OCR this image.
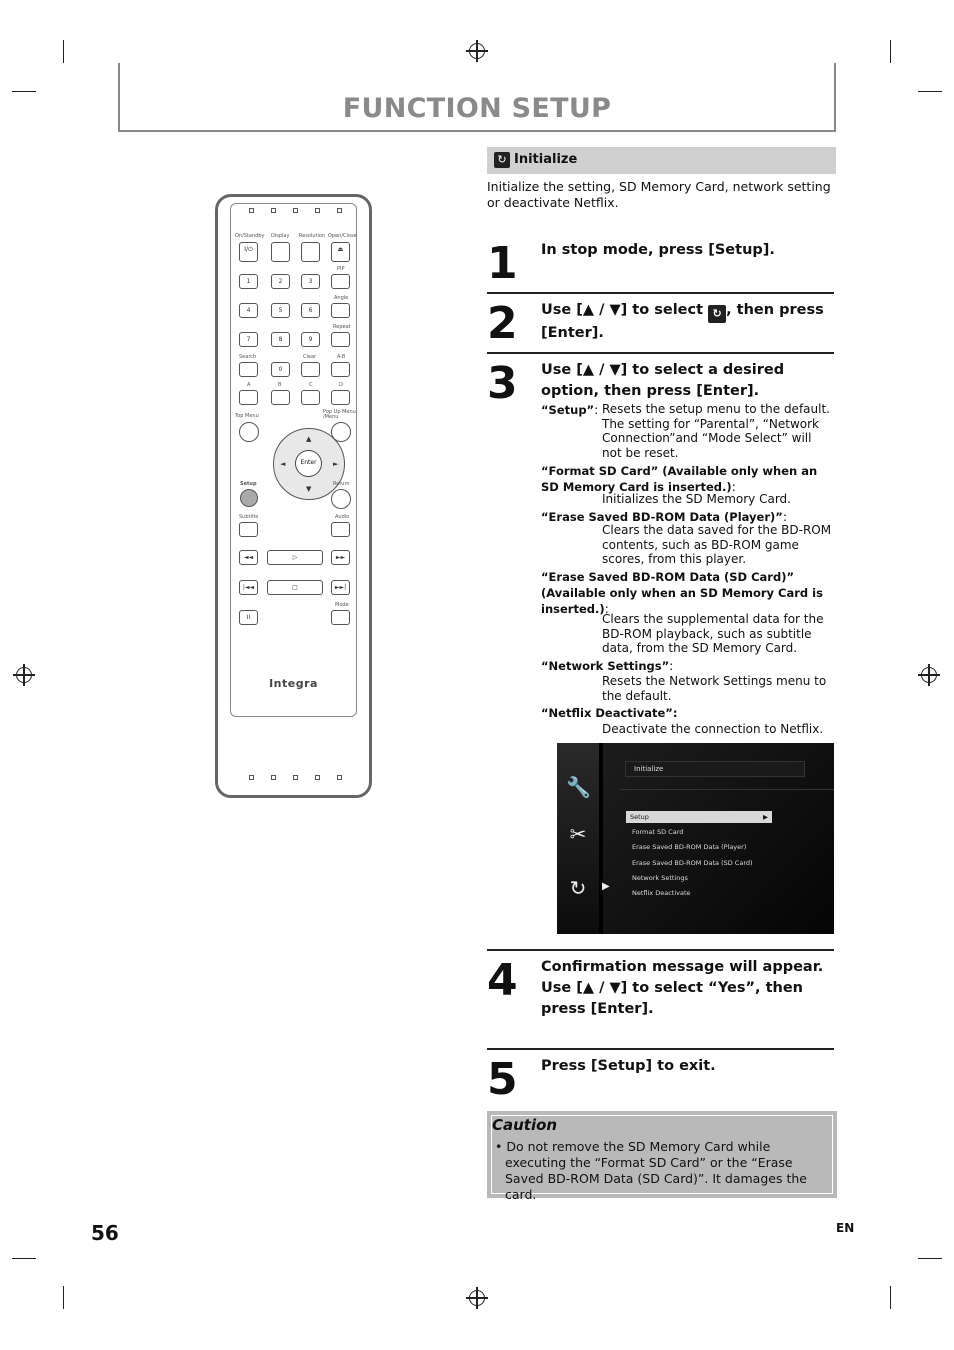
FUNCTION SETUP
On/Standby Display Resolution Open/Close
I/⏻	⏏
PIP
1	2	3
Angle
4	5	6
Repeat
7	8	9
Search	Clear	A-B
0
A	B	C	D
Top Menu
Pop Up Menu /Menu
▲
▼
◄	►
Enter
Setup	Return
Subtitle	Audio
◄◄	▷	►►
|◄◄	□	►►|
Mode
II
Integra
↻ Initialize
Initialize the setting, SD Memory Card, network setting or deactivate Netflix.
1 In stop mode, press [Setup].
2 Use [▲ / ▼] to select ↻ , then press [Enter].
3 Use [▲ / ▼] to select a desired option, then press [Enter].
“Setup”: Resets the setup menu to the default. The setting for “Parental”, “Network Connection”and “Mode Select” will not be reset.
“Format SD Card” (Available only when an SD Memory Card is inserted.):
Initializes the SD Memory Card.
“Erase Saved BD-ROM Data (Player)”:
Clears the data saved for the BD-ROM contents, such as BD-ROM game scores, from this player.
“Erase Saved BD-ROM Data (SD Card)” (Available only when an SD Memory Card is inserted.):
Clears the supplemental data for the BD-ROM playback, such as subtitle data, from the SD Memory Card.
“Network Settings”:
Resets the Network Settings menu to the default.
“Netflix Deactivate”:
Deactivate the connection to Netflix.
🔧
✂
↻	▶
Initialize
Setup	▶
Format SD Card
Erase Saved BD-ROM Data (Player)
Erase Saved BD-ROM Data (SD Card)
Network Settings
Netflix Deactivate
4 Confirmation message will appear. Use [▲ / ▼] to select “Yes”, then press [Enter].
5 Press [Setup] to exit.
Caution
• Do not remove the SD Memory Card while executing the “Format SD Card” or the “Erase Saved BD-ROM Data (SD Card)”. It damages the card.
56	EN
